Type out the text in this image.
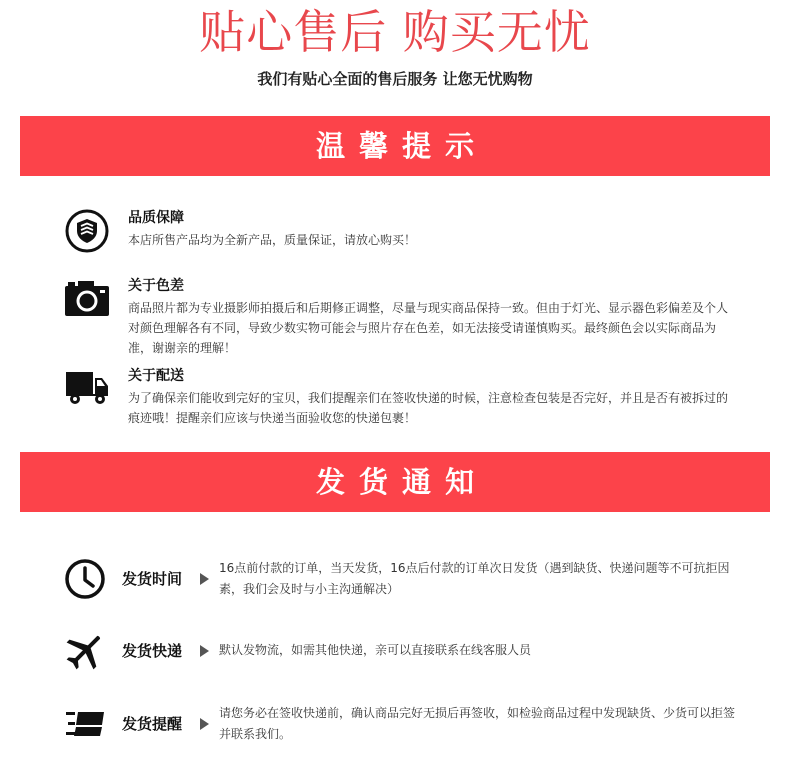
贴心售后 购买无忧
我们有贴心全面的售后服务 让您无忧购物
温馨提示
品质保障
本店所售产品均为全新产品，质量保证，请放心购买！
关于色差
商品照片都为专业摄影师拍摄后和后期修正调整，尽量与现实商品保持一致。但由于灯光、显示器色彩偏差及个人对颜色理解各有不同，导致少数实物可能会与照片存在色差，如无法接受请谨慎购买。最终颜色会以实际商品为准，谢谢亲的理解！
关于配送
为了确保亲们能收到完好的宝贝，我们提醒亲们在签收快递的时候，注意检查包装是否完好，并且是否有被拆过的痕迹哦！提醒亲们应该与快递当面验收您的快递包裹！
发货通知
发货时间
16点前付款的订单，当天发货，16点后付款的订单次日发货（遇到缺货、快递问题等不可抗拒因素，我们会及时与小主沟通解决）
发货快递	默认发物流，如需其他快递，亲可以直接联系在线客服人员
发货提醒
请您务必在签收快递前，确认商品完好无损后再签收，如检验商品过程中发现缺货、少货可以拒签并联系我们。
